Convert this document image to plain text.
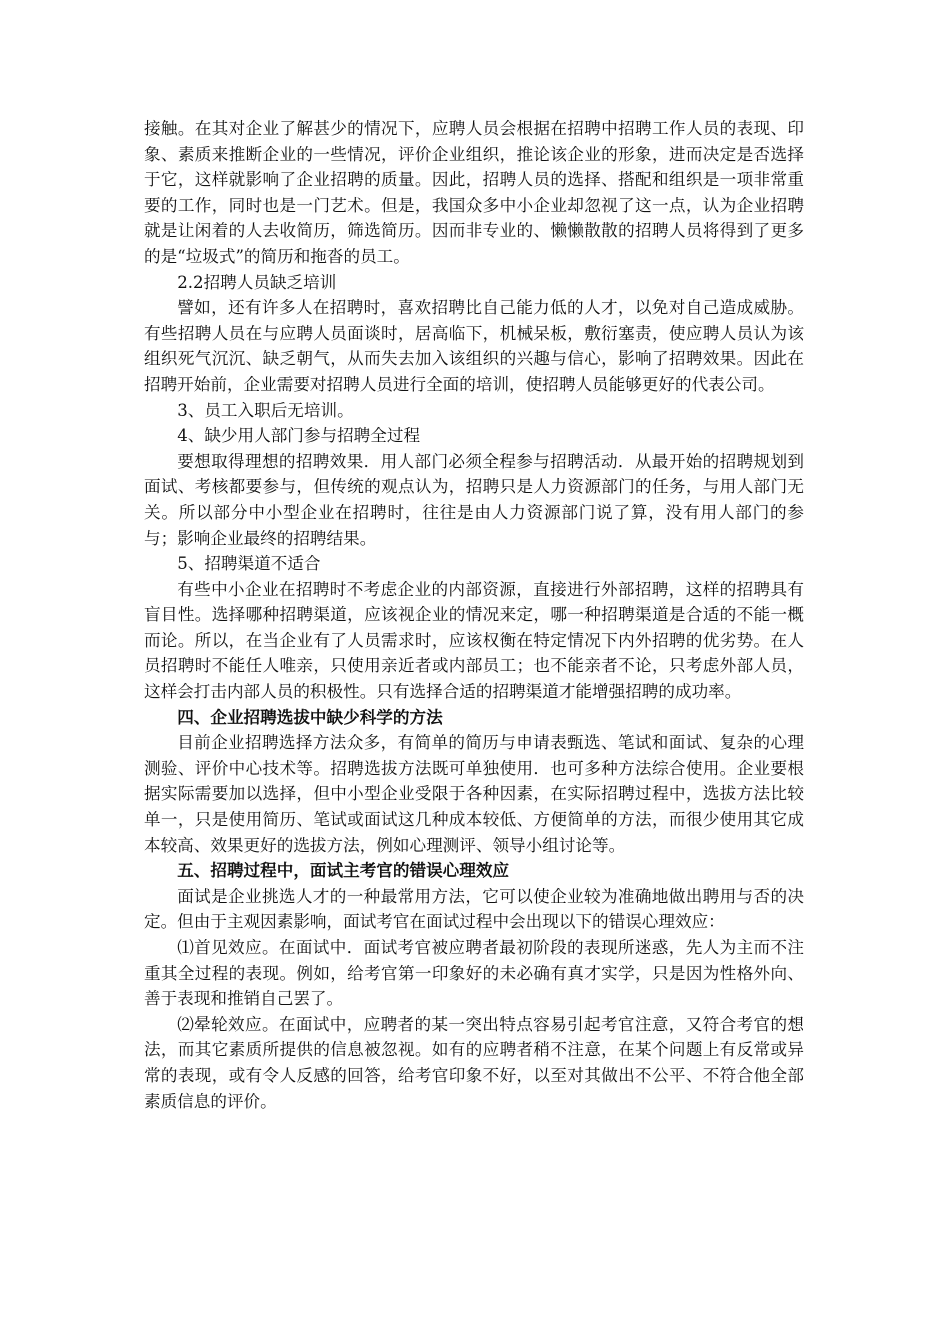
接触。在其对企业了解甚少的情况下，应聘人员会根据在招聘中招聘工作人员的表现、印象、素质来推断企业的一些情况，评价企业组织，推论该企业的形象，进而决定是否选择于它，这样就影响了企业招聘的质量。因此，招聘人员的选择、搭配和组织是一项非常重要的工作，同时也是一门艺术。但是，我国众多中小企业却忽视了这一点，认为企业招聘就是让闲着的人去收简历，筛选简历。因而非专业的、懒懒散散的招聘人员将得到了更多的是“垃圾式”的简历和拖沓的员工。

2.2招聘人员缺乏培训

譬如，还有许多人在招聘时，喜欢招聘比自己能力低的人才，以免对自己造成威胁。有些招聘人员在与应聘人员面谈时，居高临下，机械呆板，敷衍塞责，使应聘人员认为该组织死气沉沉、缺乏朝气，从而失去加入该组织的兴趣与信心，影响了招聘效果。因此在招聘开始前，企业需要对招聘人员进行全面的培训，使招聘人员能够更好的代表公司。

3、员工入职后无培训。

4、缺少用人部门参与招聘全过程

要想取得理想的招聘效果．用人部门必须全程参与招聘活动．从最开始的招聘规划到面试、考核都要参与，但传统的观点认为，招聘只是人力资源部门的任务，与用人部门无关。所以部分中小型企业在招聘时，往往是由人力资源部门说了算，没有用人部门的参与；影响企业最终的招聘结果。

5、招聘渠道不适合

有些中小企业在招聘时不考虑企业的内部资源，直接进行外部招聘，这样的招聘具有盲目性。选择哪种招聘渠道，应该视企业的情况来定，哪一种招聘渠道是合适的不能一概而论。所以，在当企业有了人员需求时，应该权衡在特定情况下内外招聘的优劣势。在人员招聘时不能任人唯亲，只使用亲近者或内部员工；也不能亲者不论，只考虑外部人员，这样会打击内部人员的积极性。只有选择合适的招聘渠道才能增强招聘的成功率。

四、企业招聘选拔中缺少科学的方法

目前企业招聘选择方法众多，有简单的简历与申请表甄选、笔试和面试、复杂的心理测验、评价中心技术等。招聘选拔方法既可单独使用．也可多种方法综合使用。企业要根据实际需要加以选择，但中小型企业受限于各种因素，在实际招聘过程中，选拔方法比较单一，只是使用简历、笔试或面试这几种成本较低、方便简单的方法，而很少使用其它成本较高、效果更好的选拔方法，例如心理测评、领导小组讨论等。

五、招聘过程中，面试主考官的错误心理效应

面试是企业挑选人才的一种最常用方法，它可以使企业较为准确地做出聘用与否的决定。但由于主观因素影响，面试考官在面试过程中会出现以下的错误心理效应：

⑴首见效应。在面试中．面试考官被应聘者最初阶段的表现所迷惑，先人为主而不注重其全过程的表现。例如，给考官第一印象好的未必确有真才实学，只是因为性格外向、善于表现和推销自己罢了。

⑵晕轮效应。在面试中，应聘者的某一突出特点容易引起考官注意，又符合考官的想法，而其它素质所提供的信息被忽视。如有的应聘者稍不注意，在某个问题上有反常或异常的表现，或有令人反感的回答，给考官印象不好，以至对其做出不公平、不符合他全部素质信息的评价。
